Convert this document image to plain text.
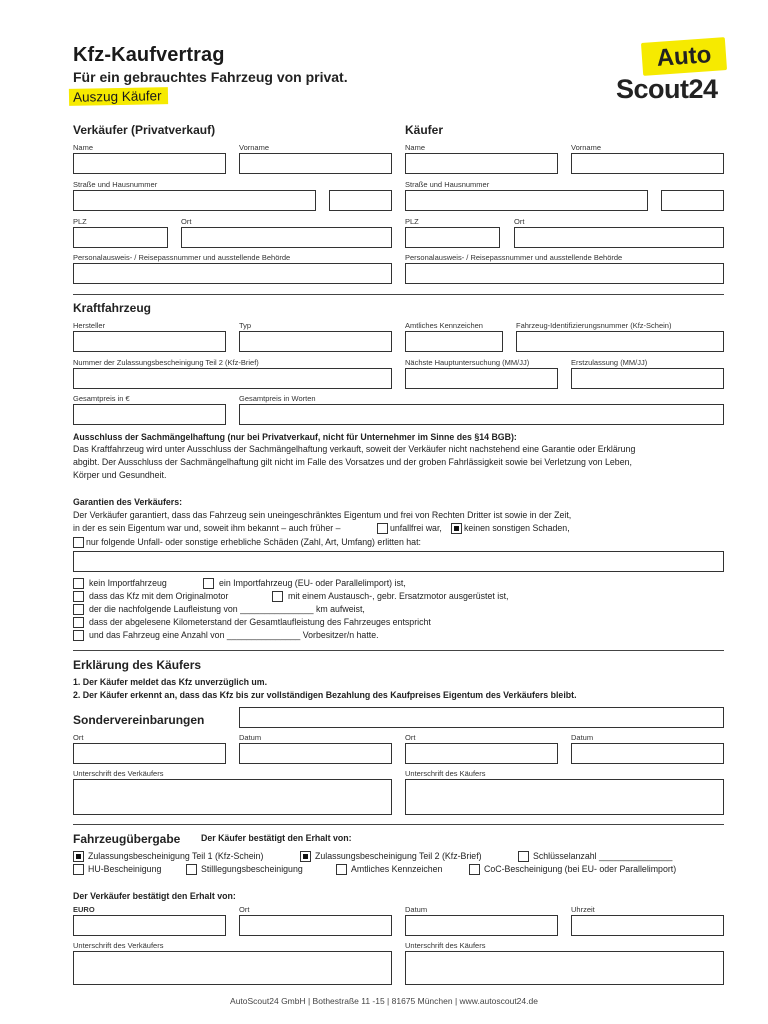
Kfz-Kaufvertrag
Für ein gebrauchtes Fahrzeug von privat.
Auszug Käufer
Auto
Scout24
Verkäufer (Privatverkauf)	Käufer
Name	Vorname	Name	Vorname
Straße und Hausnummer	Straße und Hausnummer
PLZ	Ort	PLZ	Ort
Personalausweis- / Reisepassnummer und ausstellende Behörde	Personalausweis- / Reisepassnummer und ausstellende Behörde
Kraftfahrzeug
Hersteller	Typ	Amtliches Kennzeichen	Fahrzeug-Identifizierungsnummer (Kfz-Schein)
Nummer der Zulassungsbescheinigung Teil 2 (Kfz-Brief)	Nächste Hauptuntersuchung (MM/JJ)	Erstzulassung (MM/JJ)
Gesamtpreis in €	Gesamtpreis in Worten
Ausschluss der Sachmängelhaftung (nur bei Privatverkauf, nicht für Unternehmer im Sinne des §14 BGB):
Das Kraftfahrzeug wird unter Ausschluss der Sachmängelhaftung verkauft, soweit der Verkäufer nicht nachstehend eine Garantie oder Erklärung
abgibt. Der Ausschluss der Sachmängelhaftung gilt nicht im Falle des Vorsatzes und der groben Fahrlässigkeit sowie bei Verletzung von Leben,
Körper und Gesundheit.
Garantien des Verkäufers:
Der Verkäufer garantiert, dass das Fahrzeug sein uneingeschränktes Eigentum und frei von Rechten Dritter ist sowie in der Zeit,
in der es sein Eigentum war und, soweit ihm bekannt – auch früher –	unfallfrei war,	keinen sonstigen Schaden,
nur folgende Unfall- oder sonstige erhebliche Schäden (Zahl, Art, Umfang) erlitten hat:
kein Importfahrzeug	ein Importfahrzeug (EU- oder Parallelimport) ist,
dass das Kfz mit dem Originalmotor	mit einem Austausch-, gebr. Ersatzmotor ausgerüstet ist,
der die nachfolgende Laufleistung von _______________ km aufweist,
dass der abgelesene Kilometerstand der Gesamtlaufleistung des Fahrzeuges entspricht
und das Fahrzeug eine Anzahl von _______________ Vorbesitzer/n hatte.
Erklärung des Käufers
1. Der Käufer meldet das Kfz unverzüglich um.
2. Der Käufer erkennt an, dass das Kfz bis zur vollständigen Bezahlung des Kaufpreises Eigentum des Verkäufers bleibt.
Sondervereinbarungen
Ort	Datum	Ort	Datum
Unterschrift des Verkäufers	Unterschrift des Käufers
Fahrzeugübergabe Der Käufer bestätigt den Erhalt von:
Zulassungsbescheinigung Teil 1 (Kfz-Schein)	Zulassungsbescheinigung Teil 2 (Kfz-Brief)	Schlüsselanzahl _______________
HU-Bescheinigung	Stilllegungsbescheinigung	Amtliches Kennzeichen	CoC-Bescheinigung (bei EU- oder Parallelimport)
Der Verkäufer bestätigt den Erhalt von:
EURO	Ort	Datum	Uhrzeit
Unterschrift des Verkäufers	Unterschrift des Käufers
AutoScout24 GmbH | Bothestraße 11 -15 | 81675 München | www.autoscout24.de
